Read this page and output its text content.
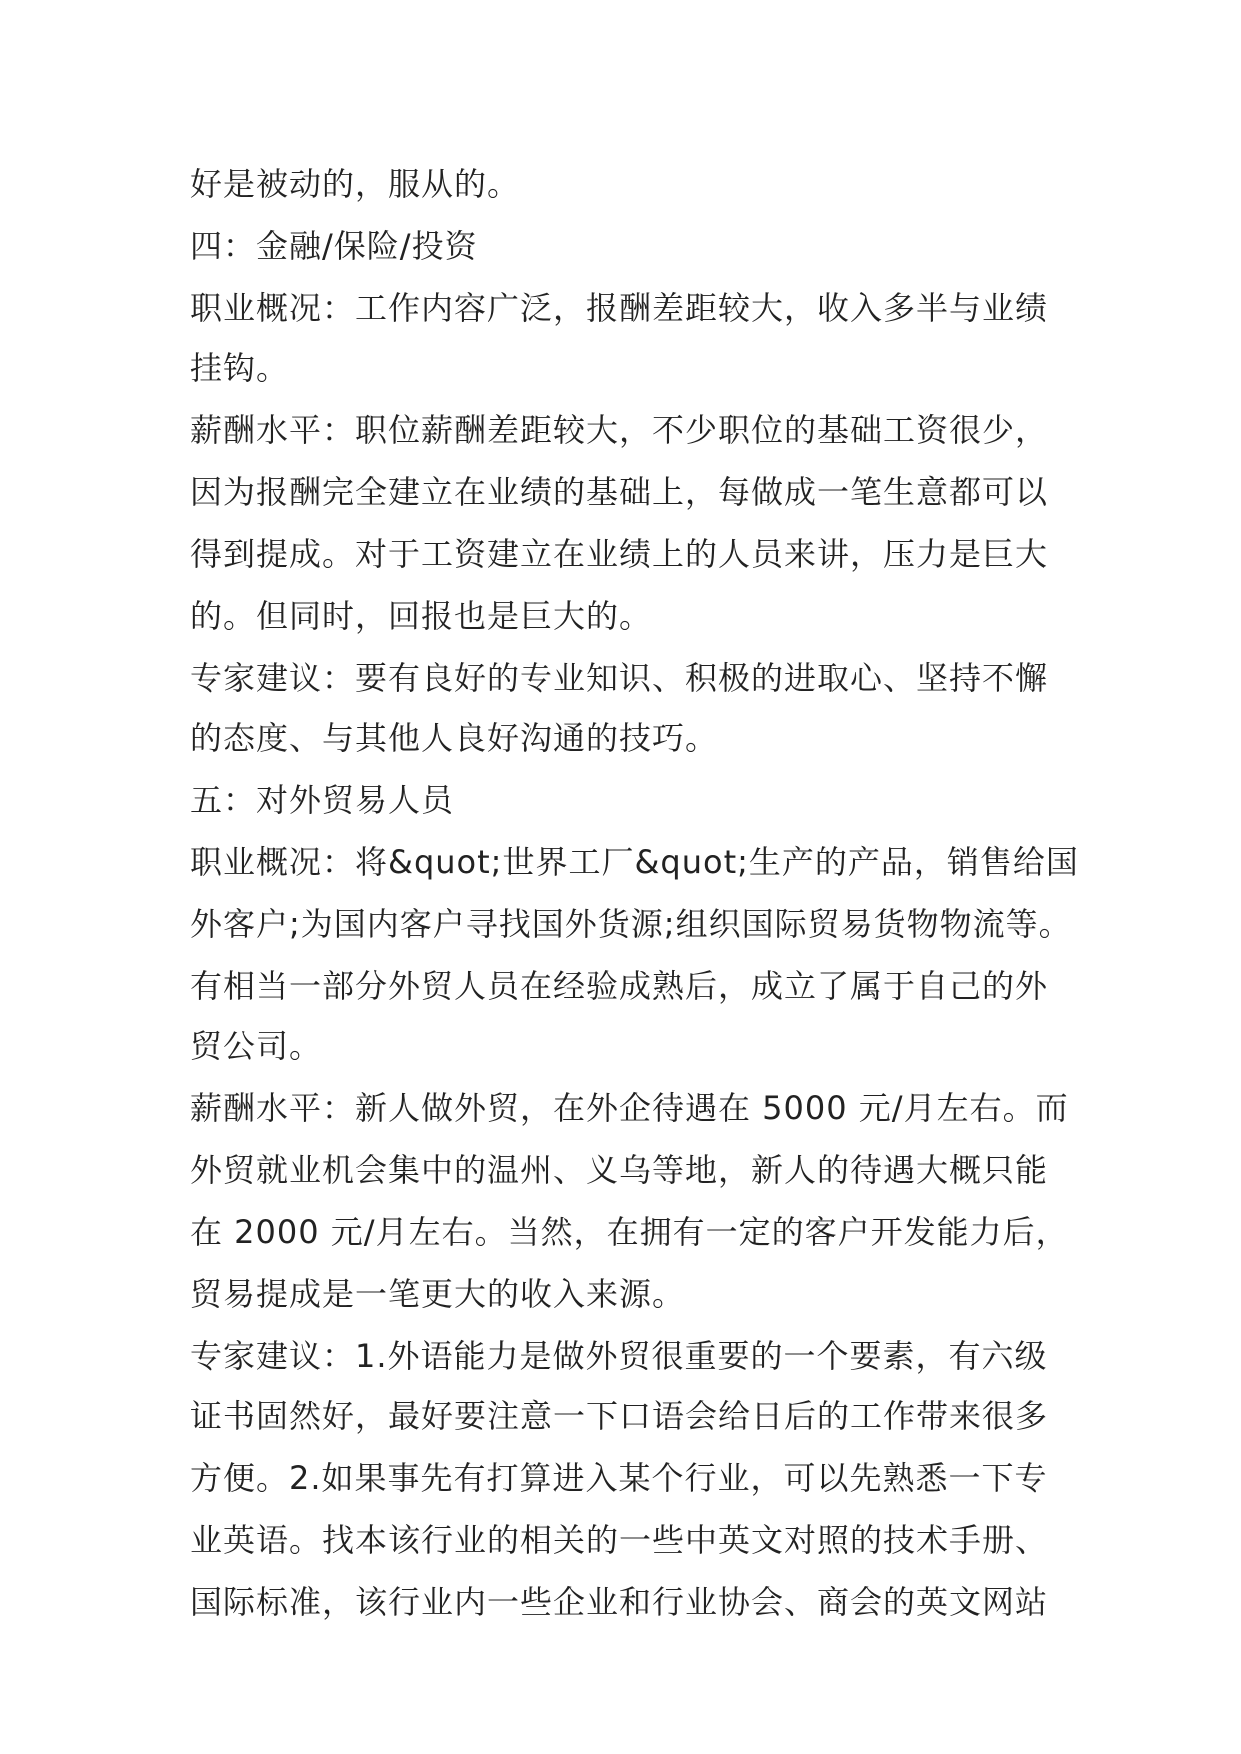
好是被动的，服从的。
四：金融/保险/投资
职业概况：工作内容广泛，报酬差距较大，收入多半与业绩
挂钩。
薪酬水平：职位薪酬差距较大，不少职位的基础工资很少，
因为报酬完全建立在业绩的基础上，每做成一笔生意都可以
得到提成。对于工资建立在业绩上的人员来讲，压力是巨大
的。但同时，回报也是巨大的。
专家建议：要有良好的专业知识、积极的进取心、坚持不懈
的态度、与其他人良好沟通的技巧。
五：对外贸易人员
职业概况：将&quot;世界工厂&quot;生产的产品，销售给国
外客户;为国内客户寻找国外货源;组织国际贸易货物物流等。
有相当一部分外贸人员在经验成熟后，成立了属于自己的外
贸公司。
薪酬水平：新人做外贸，在外企待遇在 5000 元/月左右。而
外贸就业机会集中的温州、义乌等地，新人的待遇大概只能
在 2000 元/月左右。当然，在拥有一定的客户开发能力后，
贸易提成是一笔更大的收入来源。
专家建议：1.外语能力是做外贸很重要的一个要素，有六级
证书固然好，最好要注意一下口语会给日后的工作带来很多
方便。2.如果事先有打算进入某个行业，可以先熟悉一下专
业英语。找本该行业的相关的一些中英文对照的技术手册、
国际标准，该行业内一些企业和行业协会、商会的英文网站
